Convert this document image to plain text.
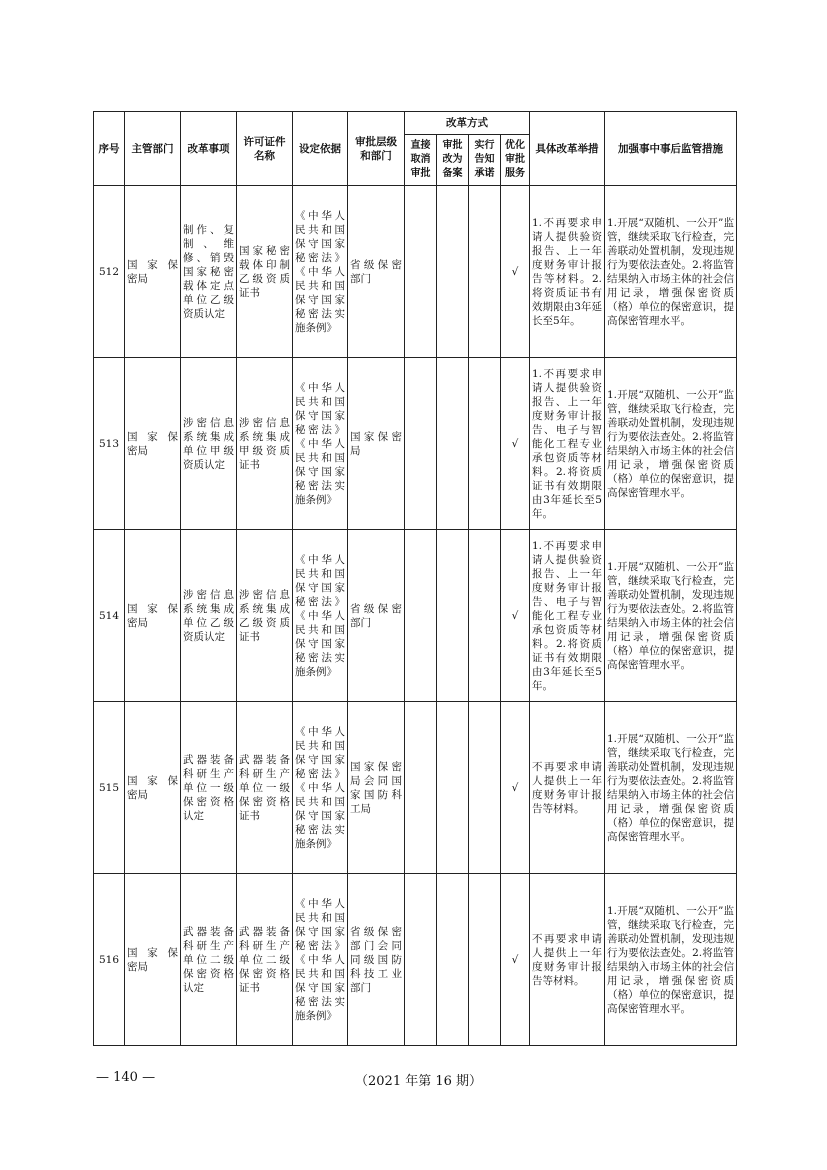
序号	主管部门	改革事项	许可证件名称	设定依据	审批层级和部门	改革方式				具体改革举措	加强事中事后监管措施
						直接取消审批	审批改为备案	实行告知承诺	优化审批服务		
512	国 家 保 密局	制作、复制、维修、销毁国家秘密载体定点单位乙级资质认定	国家秘密载体印制乙级资质证书	《中华人民共和国保守国家秘密法》《中华人民共和国保守国家秘密法实施条例》	省级保密部门				√	1.不再要求申请人提供验资报告、上一年度财务审计报告等材料。2.将资质证书有效期限由3年延长至5年。	1.开展“双随机、一公开”监管，继续采取飞行检查，完善联动处置机制，发现违规行为要依法查处。2.将监管结果纳入市场主体的社会信用记录，增强保密资质（格）单位的保密意识，提高保密管理水平。
513	国 家 保 密局	涉密信息系统集成单位甲级资质认定	涉密信息系统集成甲级资质证书	《中华人民共和国保守国家秘密法》《中华人民共和国保守国家秘密法实施条例》	国 家 保 密局				√	1.不再要求申请人提供验资报告、上一年度财务审计报告、电子与智能化工程专业承包资质等材料。2.将资质证书有效期限由3年延长至5年。	1.开展“双随机、一公开”监管，继续采取飞行检查，完善联动处置机制，发现违规行为要依法查处。2.将监管结果纳入市场主体的社会信用记录，增强保密资质（格）单位的保密意识，提高保密管理水平。
514	国 家 保 密局	涉密信息系统集成单位乙级资质认定	涉密信息系统集成乙级资质证书	《中华人民共和国保守国家秘密法》《中华人民共和国保守国家秘密法实施条例》	省级保密部门				√	1.不再要求申请人提供验资报告、上一年度财务审计报告、电子与智能化工程专业承包资质等材料。2.将资质证书有效期限由3年延长至5年。	1.开展“双随机、一公开”监管，继续采取飞行检查，完善联动处置机制，发现违规行为要依法查处。2.将监管结果纳入市场主体的社会信用记录，增强保密资质（格）单位的保密意识，提高保密管理水平。
515	国 家 保 密局	武器装备科研生产单位一级保密资格认定	武器装备科研生产单位一级保密资格证书	《中华人民共和国保守国家秘密法》《中华人民共和国保守国家秘密法实施条例》	国家保密局会同国家国防科工局				√	不再要求申请人提供上一年度财务审计报告等材料。	1.开展“双随机、一公开”监管，继续采取飞行检查，完善联动处置机制，发现违规行为要依法查处。2.将监管结果纳入市场主体的社会信用记录，增强保密资质（格）单位的保密意识，提高保密管理水平。
516	国 家 保 密局	武器装备科研生产单位二级保密资格认定	武器装备科研生产单位二级保密资格证书	《中华人民共和国保守国家秘密法》《中华人民共和国保守国家秘密法实施条例》	省级保密部门会同同级国防科技工业部门				√	不再要求申请人提供上一年度财务审计报告等材料。	1.开展“双随机、一公开”监管，继续采取飞行检查，完善联动处置机制，发现违规行为要依法查处。2.将监管结果纳入市场主体的社会信用记录，增强保密资质（格）单位的保密意识，提高保密管理水平。
— 140 —	（2021 年第 16 期）
